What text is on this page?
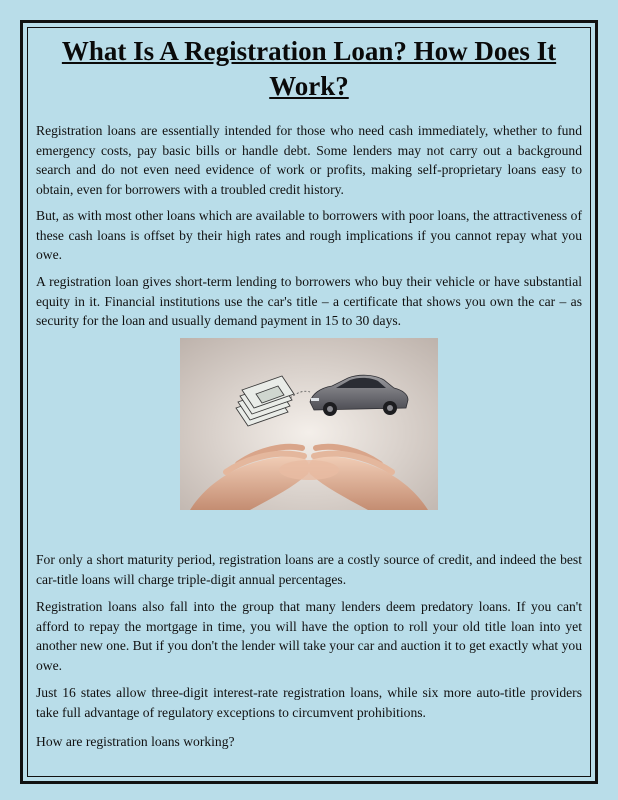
What Is A Registration Loan? How Does It Work?

Registration loans are essentially intended for those who need cash immediately, whether to fund emergency costs, pay basic bills or handle debt. Some lenders may not carry out a background search and do not even need evidence of work or profits, making self-proprietary loans easy to obtain, even for borrowers with a troubled credit history.

But, as with most other loans which are available to borrowers with poor loans, the attractiveness of these cash loans is offset by their high rates and rough implications if you cannot repay what you owe.

A registration loan gives short-term lending to borrowers who buy their vehicle or have substantial equity in it. Financial institutions use the car's title – a certificate that shows you own the car – as security for the loan and usually demand payment in 15 to 30 days.

For only a short maturity period, registration loans are a costly source of credit, and indeed the best car-title loans will charge triple-digit annual percentages.

Registration loans also fall into the group that many lenders deem predatory loans. If you can't afford to repay the mortgage in time, you will have the option to roll your old title loan into yet another new one. But if you don't the lender will take your car and auction it to get exactly what you owe.

Just 16 states allow three-digit interest-rate registration loans, while six more auto-title providers take full advantage of regulatory exceptions to circumvent prohibitions.

How are registration loans working?
